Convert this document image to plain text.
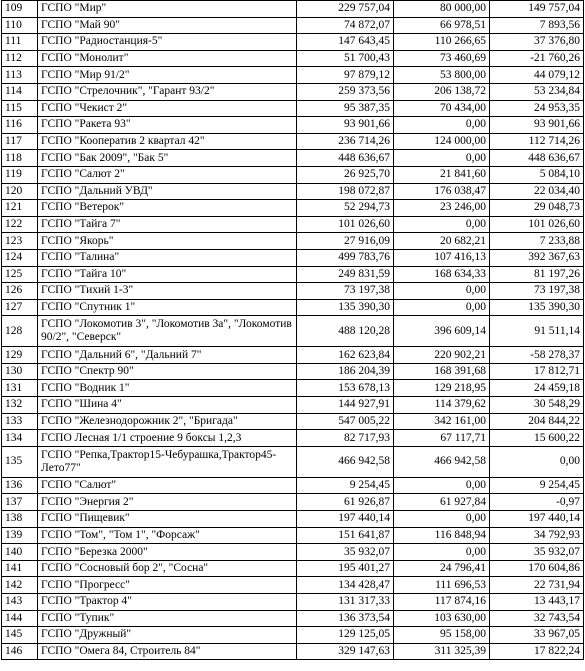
109	ГСПО "Мир"	229 757,04	80 000,00	149 757,04
110	ГСПО "Май 90"	74 872,07	66 978,51	7 893,56
111	ГСПО "Радиостанция-5"	147 643,45	110 266,65	37 376,80
112	ГСПО "Монолит"	51 700,43	73 460,69	-21 760,26
113	ГСПО "Мир 91/2"	97 879,12	53 800,00	44 079,12
114	ГСПО "Стрелочник", "Гарант 93/2"	259 373,56	206 138,72	53 234,84
115	ГСПО "Чекист 2"	95 387,35	70 434,00	24 953,35
116	ГСПО "Ракета 93"	93 901,66	0,00	93 901,66
117	ГСПО "Кооператив 2 квартал 42"	236 714,26	124 000,00	112 714,26
118	ГСПО "Бак 2009", "Бак 5"	448 636,67	0,00	448 636,67
119	ГСПО "Салют 2"	26 925,70	21 841,60	5 084,10
120	ГСПО "Дальний УВД"	198 072,87	176 038,47	22 034,40
121	ГСПО "Ветерок"	52 294,73	23 246,00	29 048,73
122	ГСПО "Тайга 7"	101 026,60	0,00	101 026,60
123	ГСПО "Якорь"	27 916,09	20 682,21	7 233,88
124	ГСПО "Талина"	499 783,76	107 416,13	392 367,63
125	ГСПО "Тайга 10"	249 831,59	168 634,33	81 197,26
126	ГСПО "Тихий 1-3"	73 197,38	0,00	73 197,38
127	ГСПО "Спутник 1"	135 390,30	0,00	135 390,30
128	ГСПО "Локомотив 3", "Локомотив 3а", "Локомотив 90/2", "Северск"	488 120,28	396 609,14	91 511,14
129	ГСПО "Дальний 6", "Дальний 7"	162 623,84	220 902,21	-58 278,37
130	ГСПО "Спектр 90"	186 204,39	168 391,68	17 812,71
131	ГСПО "Водник 1"	153 678,13	129 218,95	24 459,18
132	ГСПО "Шина 4"	144 927,91	114 379,62	30 548,29
133	ГСПО "Железнодорожник 2", "Бригада"	547 005,22	342 161,00	204 844,22
134	ГСПО Лесная 1/1 строение 9 боксы 1,2,3	82 717,93	67 117,71	15 600,22
135	ГСПО "Репка,Трактор15-Чебурашка,Трактор45-Лето77"	466 942,58	466 942,58	0,00
136	ГСПО "Салют"	9 254,45	0,00	9 254,45
137	ГСПО "Энергия 2"	61 926,87	61 927,84	-0,97
138	ГСПО "Пищевик"	197 440,14	0,00	197 440,14
139	ГСПО "Том", "Том 1", "Форсаж"	151 641,87	116 848,94	34 792,93
140	ГСПО "Березка 2000"	35 932,07	0,00	35 932,07
141	ГСПО "Сосновый бор 2", "Сосна"	195 401,27	24 796,41	170 604,86
142	ГСПО "Прогресс"	134 428,47	111 696,53	22 731,94
143	ГСПО "Трактор 4"	131 317,33	117 874,16	13 443,17
144	ГСПО "Тупик"	136 373,54	103 630,00	32 743,54
145	ГСПО "Дружный"	129 125,05	95 158,00	33 967,05
146	ГСПО "Омега 84, Строитель 84"	329 147,63	311 325,39	17 822,24
